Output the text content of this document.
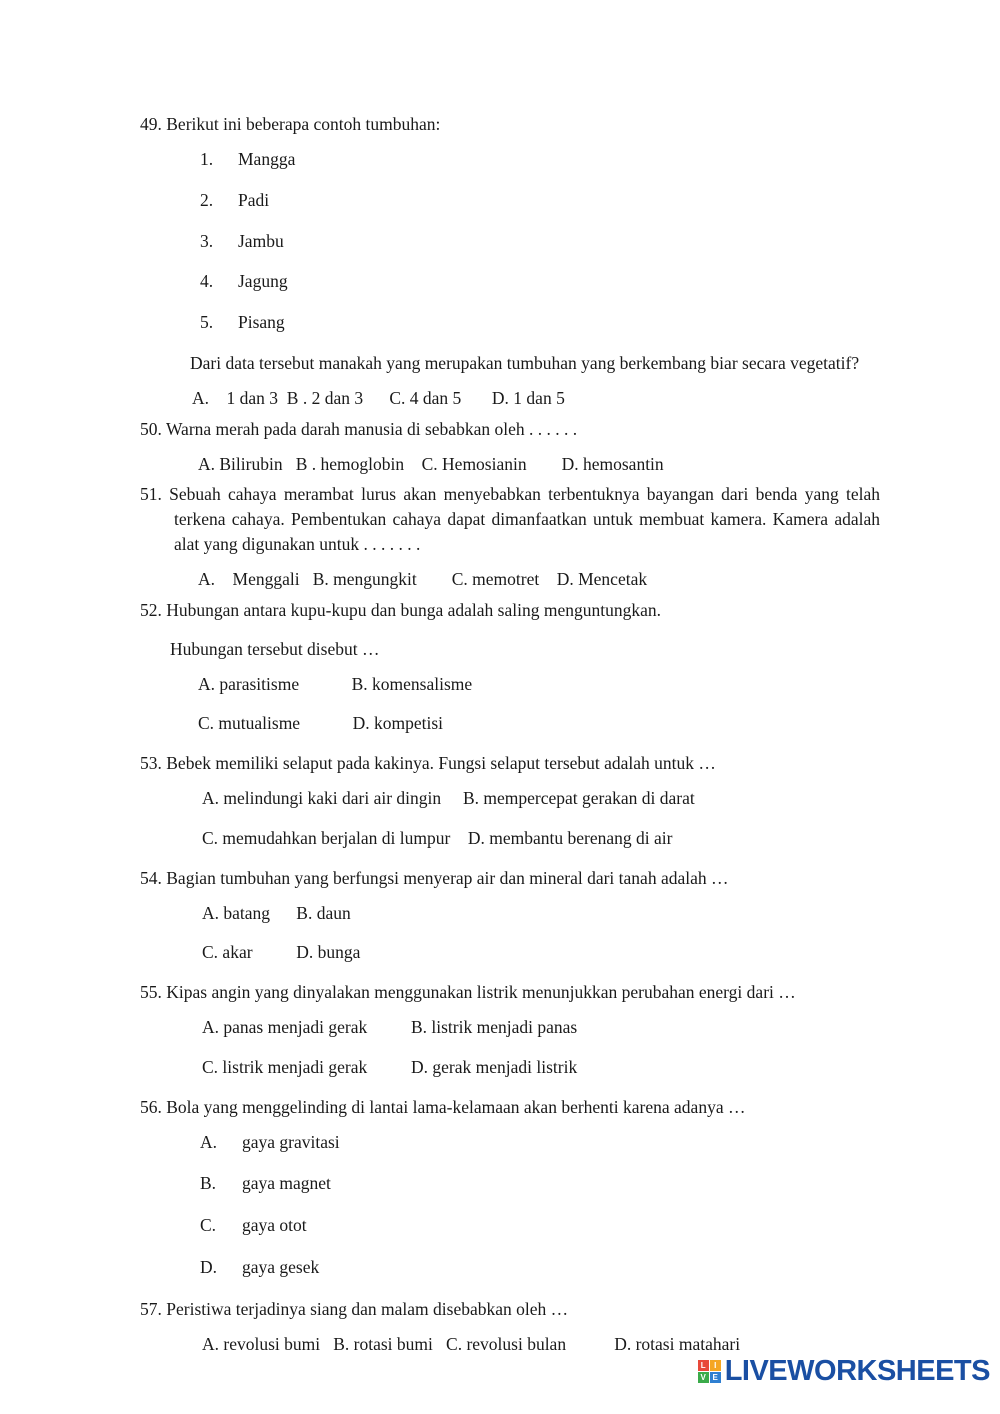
49. Berikut ini beberapa contoh tumbuhan:
1.	Mangga
2.	Padi
3.	Jambu
4.	Jagung
5.	Pisang
Dari data tersebut manakah yang merupakan tumbuhan yang berkembang biar secara vegetatif?
A.    1 dan 3  B . 2 dan 3      C. 4 dan 5       D. 1 dan 5
50. Warna merah pada darah manusia di sebabkan oleh . . . . . .
A. Bilirubin   B . hemoglobin    C. Hemosianin        D. hemosantin
51. Sebuah cahaya merambat lurus akan menyebabkan terbentuknya bayangan dari benda yang telah terkena cahaya. Pembentukan cahaya dapat dimanfaatkan untuk membuat kamera. Kamera adalah alat yang digunakan untuk . . . . . . .
A.    Menggali   B. mengungkit        C. memotret    D. Mencetak
52. Hubungan antara kupu-kupu dan bunga adalah saling menguntungkan.
Hubungan tersebut disebut …
A. parasitisme            B. komensalisme
C. mutualisme            D. kompetisi
53. Bebek memiliki selaput pada kakinya. Fungsi selaput tersebut adalah untuk …
A. melindungi kaki dari air dingin     B. mempercepat gerakan di darat
C. memudahkan berjalan di lumpur    D. membantu berenang di air
54. Bagian tumbuhan yang berfungsi menyerap air dan mineral dari tanah adalah …
A. batang      B. daun
C. akar          D. bunga
55. Kipas angin yang dinyalakan menggunakan listrik menunjukkan perubahan energi dari …
A. panas menjadi gerak          B. listrik menjadi panas
C. listrik menjadi gerak          D. gerak menjadi listrik
56. Bola yang menggelinding di lantai lama-kelamaan akan berhenti karena adanya …
A. gaya gravitasi
B. gaya magnet
C. gaya otot
D. gaya gesek
57. Peristiwa terjadinya siang dan malam disebabkan oleh …
A. revolusi bumi   B. rotasi bumi   C. revolusi bulan           D. rotasi matahari
L	I
V E LIVEWORKSHEETS
